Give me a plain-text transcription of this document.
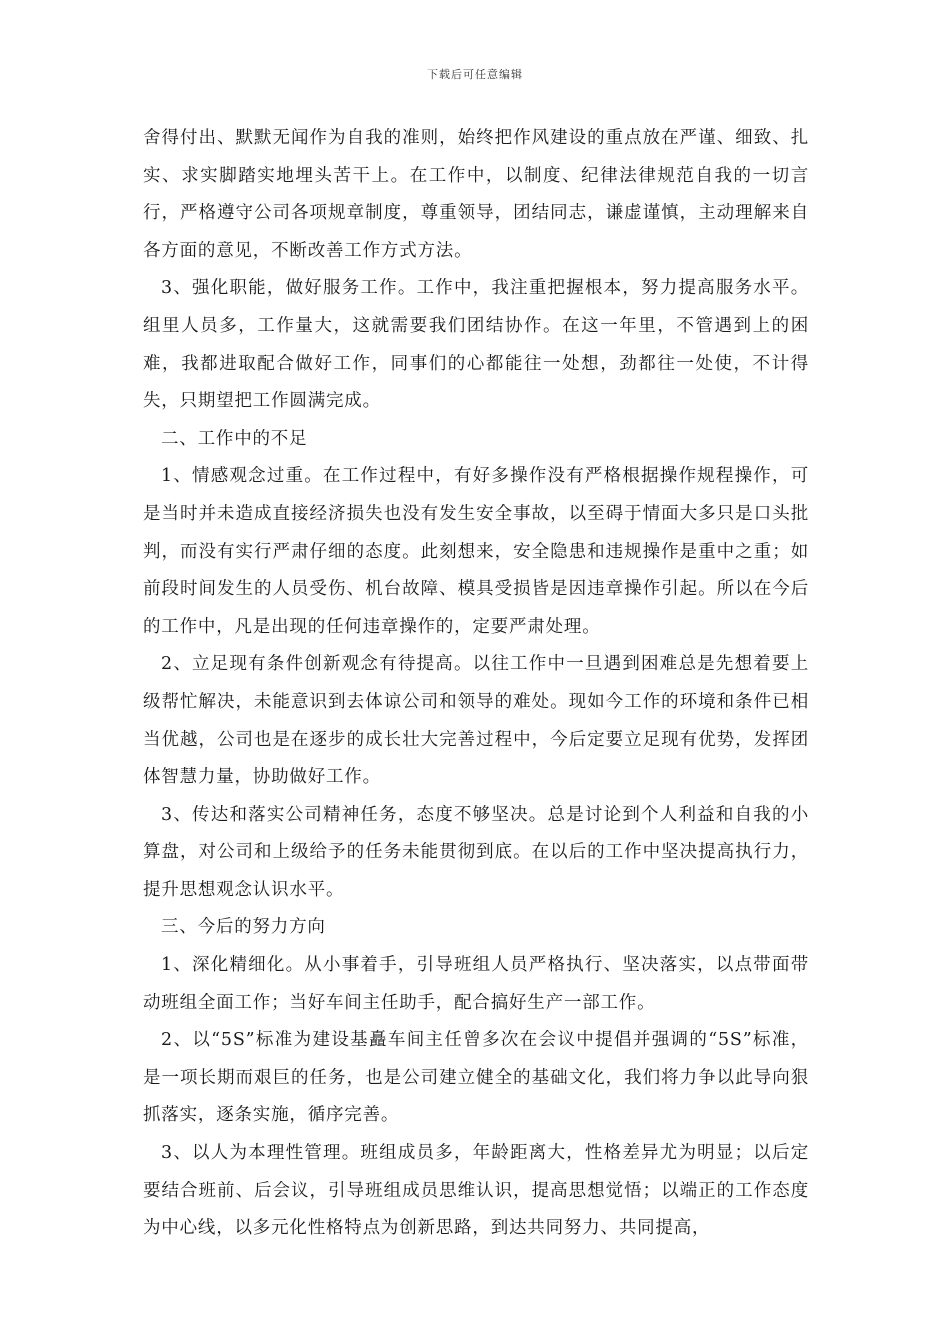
下载后可任意编辑

舍得付出、默默无闻作为自我的准则，始终把作风建设的重点放在严谨、细致、扎实、求实脚踏实地埋头苦干上。在工作中，以制度、纪律法律规范自我的一切言行，严格遵守公司各项规章制度，尊重领导，团结同志，谦虚谨慎，主动理解来自各方面的意见，不断改善工作方式方法。

3、强化职能，做好服务工作。工作中，我注重把握根本，努力提高服务水平。组里人员多，工作量大，这就需要我们团结协作。在这一年里，不管遇到上的困难，我都进取配合做好工作，同事们的心都能往一处想，劲都往一处使，不计得失，只期望把工作圆满完成。

二、工作中的不足

1、情感观念过重。在工作过程中，有好多操作没有严格根据操作规程操作，可是当时并未造成直接经济损失也没有发生安全事故，以至碍于情面大多只是口头批判，而没有实行严肃仔细的态度。此刻想来，安全隐患和违规操作是重中之重；如前段时间发生的人员受伤、机台故障、模具受损皆是因违章操作引起。所以在今后的工作中，凡是出现的任何违章操作的，定要严肃处理。

2、立足现有条件创新观念有待提高。以往工作中一旦遇到困难总是先想着要上级帮忙解决，未能意识到去体谅公司和领导的难处。现如今工作的环境和条件已相当优越，公司也是在逐步的成长壮大完善过程中，今后定要立足现有优势，发挥团体智慧力量，协助做好工作。

3、传达和落实公司精神任务，态度不够坚决。总是讨论到个人利益和自我的小算盘，对公司和上级给予的任务未能贯彻到底。在以后的工作中坚决提高执行力，提升思想观念认识水平。

三、今后的努力方向

1、深化精细化。从小事着手，引导班组人员严格执行、坚决落实，以点带面带动班组全面工作；当好车间主任助手，配合搞好生产一部工作。

2、以“5S”标准为建设基矗车间主任曾多次在会议中提倡并强调的“5S”标准，是一项长期而艰巨的任务，也是公司建立健全的基础文化，我们将力争以此导向狠抓落实，逐条实施，循序完善。

3、以人为本理性管理。班组成员多，年龄距离大，性格差异尤为明显；以后定要结合班前、后会议，引导班组成员思维认识，提高思想觉悟；以端正的工作态度为中心线，以多元化性格特点为创新思路，到达共同努力、共同提高，
